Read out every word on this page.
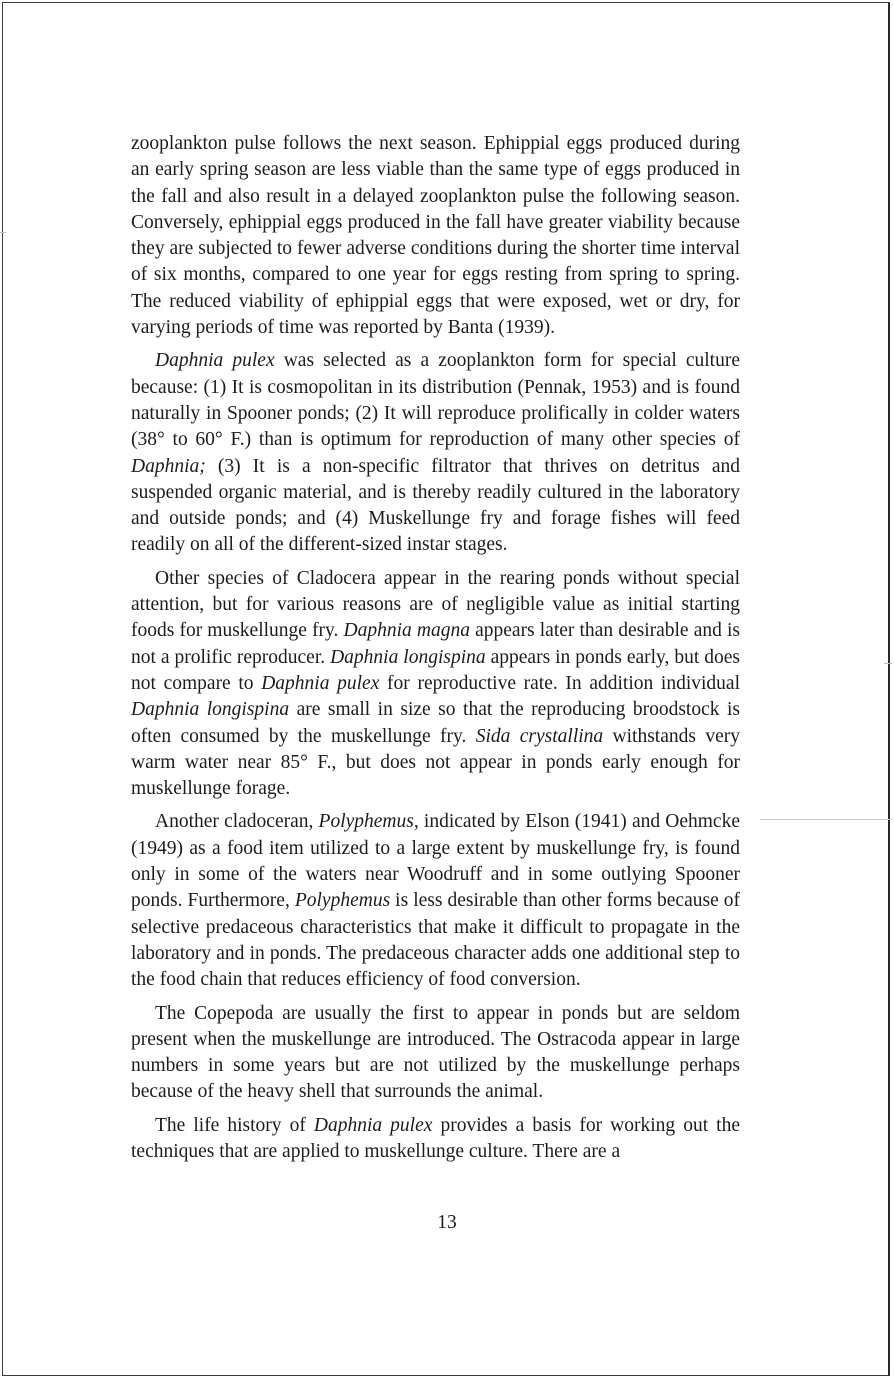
zooplankton pulse follows the next season. Ephippial eggs produced during an early spring season are less viable than the same type of eggs produced in the fall and also result in a delayed zooplankton pulse the following season. Conversely, ephippial eggs produced in the fall have greater viability because they are subjected to fewer adverse conditions during the shorter time interval of six months, compared to one year for eggs resting from spring to spring. The reduced viability of ephippial eggs that were exposed, wet or dry, for varying periods of time was reported by Banta (1939).

Daphnia pulex was selected as a zooplankton form for special culture because: (1) It is cosmopolitan in its distribution (Pennak, 1953) and is found naturally in Spooner ponds; (2) It will reproduce prolifically in colder waters (38° to 60° F.) than is optimum for reproduction of many other species of Daphnia; (3) It is a non-specific filtrator that thrives on detritus and suspended organic material, and is thereby readily cultured in the laboratory and outside ponds; and (4) Muskellunge fry and forage fishes will feed readily on all of the different-sized instar stages.

Other species of Cladocera appear in the rearing ponds without special attention, but for various reasons are of negligible value as initial starting foods for muskellunge fry. Daphnia magna appears later than desirable and is not a prolific reproducer. Daphnia longispina appears in ponds early, but does not compare to Daphnia pulex for reproductive rate. In addition individual Daphnia longispina are small in size so that the reproducing broodstock is often consumed by the muskellunge fry. Sida crystallina withstands very warm water near 85° F., but does not appear in ponds early enough for muskellunge forage.

Another cladoceran, Polyphemus, indicated by Elson (1941) and Oehmcke (1949) as a food item utilized to a large extent by muskellunge fry, is found only in some of the waters near Woodruff and in some outlying Spooner ponds. Furthermore, Polyphemus is less desirable than other forms because of selective predaceous characteristics that make it difficult to propagate in the laboratory and in ponds. The predaceous character adds one additional step to the food chain that reduces efficiency of food conversion.

The Copepoda are usually the first to appear in ponds but are seldom present when the muskellunge are introduced. The Ostracoda appear in large numbers in some years but are not utilized by the muskellunge perhaps because of the heavy shell that surrounds the animal.

The life history of Daphnia pulex provides a basis for working out the techniques that are applied to muskellunge culture. There are a

13
